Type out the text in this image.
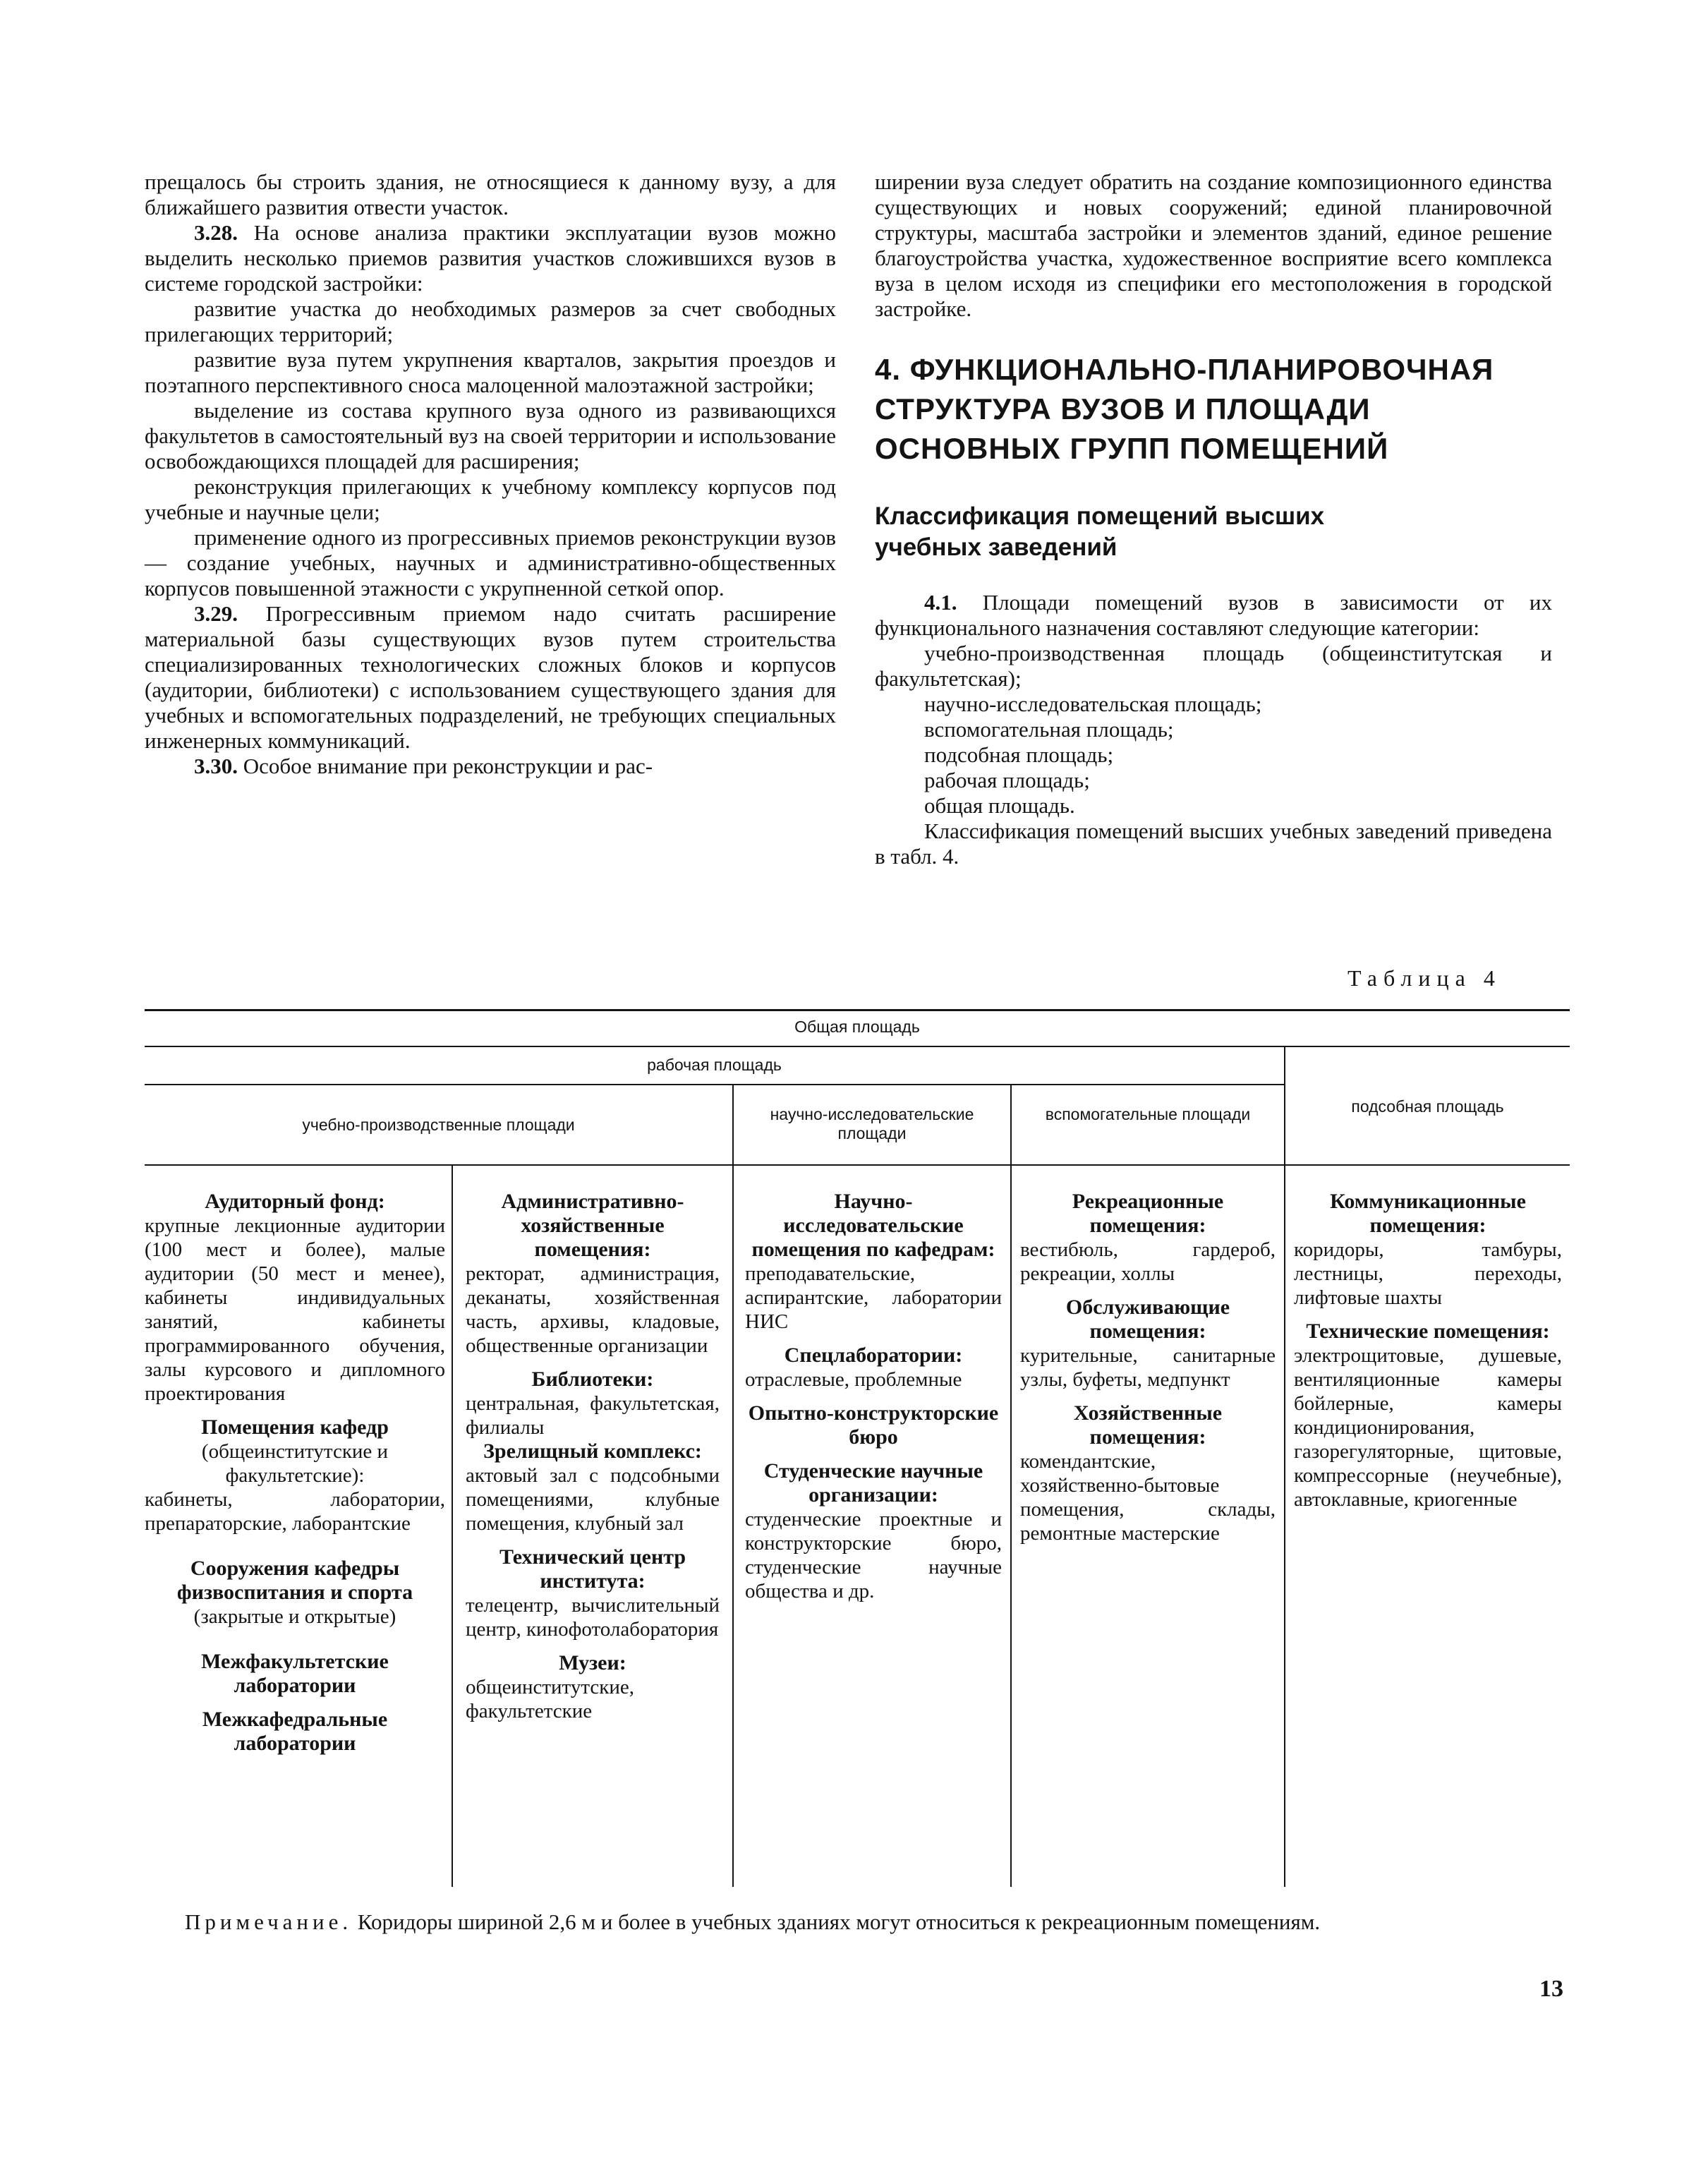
прещалось бы строить здания, не относящиеся к данному вузу, а для ближайшего развития отвести участок.

3.28. На основе анализа практики эксплуатации вузов можно выделить несколько приемов развития участков сложившихся вузов в системе городской застройки:

развитие участка до необходимых размеров за счет свободных прилегающих территорий;

развитие вуза путем укрупнения кварталов, закрытия проездов и поэтапного перспективного сноса малоценной малоэтажной застройки;

выделение из состава крупного вуза одного из развивающихся факультетов в самостоятельный вуз на своей территории и использование освобождающихся площадей для расширения;

реконструкция прилегающих к учебному комплексу корпусов под учебные и научные цели;

применение одного из прогрессивных приемов реконструкции вузов — создание учебных, научных и административно-общественных корпусов повышенной этажности с укрупненной сеткой опор.

3.29. Прогрессивным приемом надо считать расширение материальной базы существующих вузов путем строительства специализированных технологических сложных блоков и корпусов (аудитории, библиотеки) с использованием существующего здания для учебных и вспомогательных подразделений, не требующих специальных инженерных коммуникаций.

3.30. Особое внимание при реконструкции и рас-

ширении вуза следует обратить на создание композиционного единства существующих и новых сооружений; единой планировочной структуры, масштаба застройки и элементов зданий, единое решение благоустройства участка, художественное восприятие всего комплекса вуза в целом исходя из специфики его местоположения в городской застройке.

4. ФУНКЦИОНАЛЬНО-ПЛАНИРОВОЧНАЯ
СТРУКТУРА ВУЗОВ И ПЛОЩАДИ
ОСНОВНЫХ ГРУПП ПОМЕЩЕНИЙ
Классификация помещений высших
учебных заведений

4.1. Площади помещений вузов в зависимости от их функционального назначения составляют следующие категории:

учебно-производственная площадь (общеинститутская и факультетская);

научно-исследовательская площадь;

вспомогательная площадь;

подсобная площадь;

рабочая площадь;

общая площадь.

Классификация помещений высших учебных заведений приведена в табл. 4.

Таблица 4
Общая площадь
рабочая площадь
подсобная площадь
учебно-производственные площади
научно-исследовательские площади
вспомогательные площади

Аудиторный фонд:

крупные лекционные аудитории (100 мест и более), малые аудитории (50 мест и менее), кабинеты индивидуальных занятий, кабинеты программированного обучения, залы курсового и дипломного проектирования

Помещения кафедр

(общеинститутские и факультетские):

кабинеты, лаборатории, препараторские, лаборантские

Сооружения кафедры физвоспитания и спорта

(закрытые и открытые)

Межфакультетские лаборатории

Межкафедральные лаборатории

Административно-хозяйственные помещения:

ректорат, администрация, деканаты, хозяйственная часть, архивы, кладовые, общественные организации

Библиотеки:

центральная, факультетская, филиалы

Зрелищный комплекс:

актовый зал с подсобными помещениями, клубные помещения, клубный зал

Технический центр института:

телецентр, вычислительный центр, кинофотолаборатория

Музеи:

общеинститутские, факультетские

Научно-исследовательские помещения по кафедрам:

преподавательские, аспирантские, лаборатории НИС

Спецлаборатории:

отраслевые, проблемные

Опытно-конструкторские бюро

Студенческие научные организации:

студенческие проектные и конструкторские бюро, студенческие научные общества и др.

Рекреационные помещения:

вестибюль, гардероб, рекреации, холлы

Обслуживающие помещения:

курительные, санитарные узлы, буфеты, медпункт

Хозяйственные помещения:

комендантские, хозяйственно-бытовые помещения, склады, ремонтные мастерские

Коммуникационные помещения:

коридоры, тамбуры, лестницы, переходы, лифтовые шахты

Технические помещения:

электрощитовые, душевые, вентиляционные камеры бойлерные, камеры кондиционирования, газорегуляторные, щитовые, компрессорные (неучебные), автоклавные, криогенные

Примечание. Коридоры шириной 2,6 м и более в учебных зданиях могут относиться к рекреационным помещениям.
13
